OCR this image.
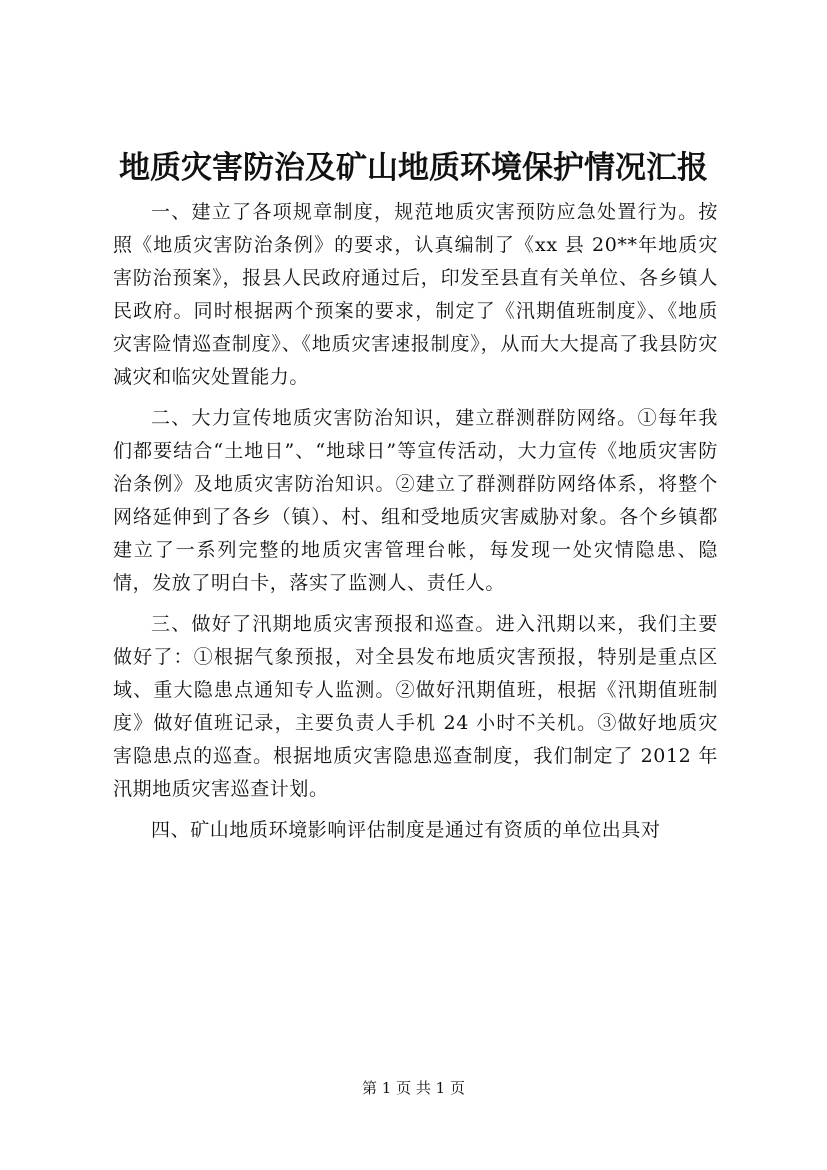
地质灾害防治及矿山地质环境保护情况汇报

一、建立了各项规章制度，规范地质灾害预防应急处置行为。按照《地质灾害防治条例》的要求，认真编制了《xx 县 20**年地质灾害防治预案》，报县人民政府通过后，印发至县直有关单位、各乡镇人民政府。同时根据两个预案的要求，制定了《汛期值班制度》、《地质灾害险情巡查制度》、《地质灾害速报制度》，从而大大提高了我县防灾减灾和临灾处置能力。

二、大力宣传地质灾害防治知识，建立群测群防网络。①每年我们都要结合“土地日”、“地球日”等宣传活动，大力宣传《地质灾害防治条例》及地质灾害防治知识。②建立了群测群防网络体系，将整个网络延伸到了各乡（镇）、村、组和受地质灾害威胁对象。各个乡镇都建立了一系列完整的地质灾害管理台帐，每发现一处灾情隐患、隐情，发放了明白卡，落实了监测人、责任人。

三、做好了汛期地质灾害预报和巡查。进入汛期以来，我们主要做好了：①根据气象预报，对全县发布地质灾害预报，特别是重点区域、重大隐患点通知专人监测。②做好汛期值班，根据《汛期值班制度》做好值班记录，主要负责人手机 24 小时不关机。③做好地质灾害隐患点的巡查。根据地质灾害隐患巡查制度，我们制定了 2012 年汛期地质灾害巡查计划。

四、矿山地质环境影响评估制度是通过有资质的单位出具对

第 1 页 共 1 页
